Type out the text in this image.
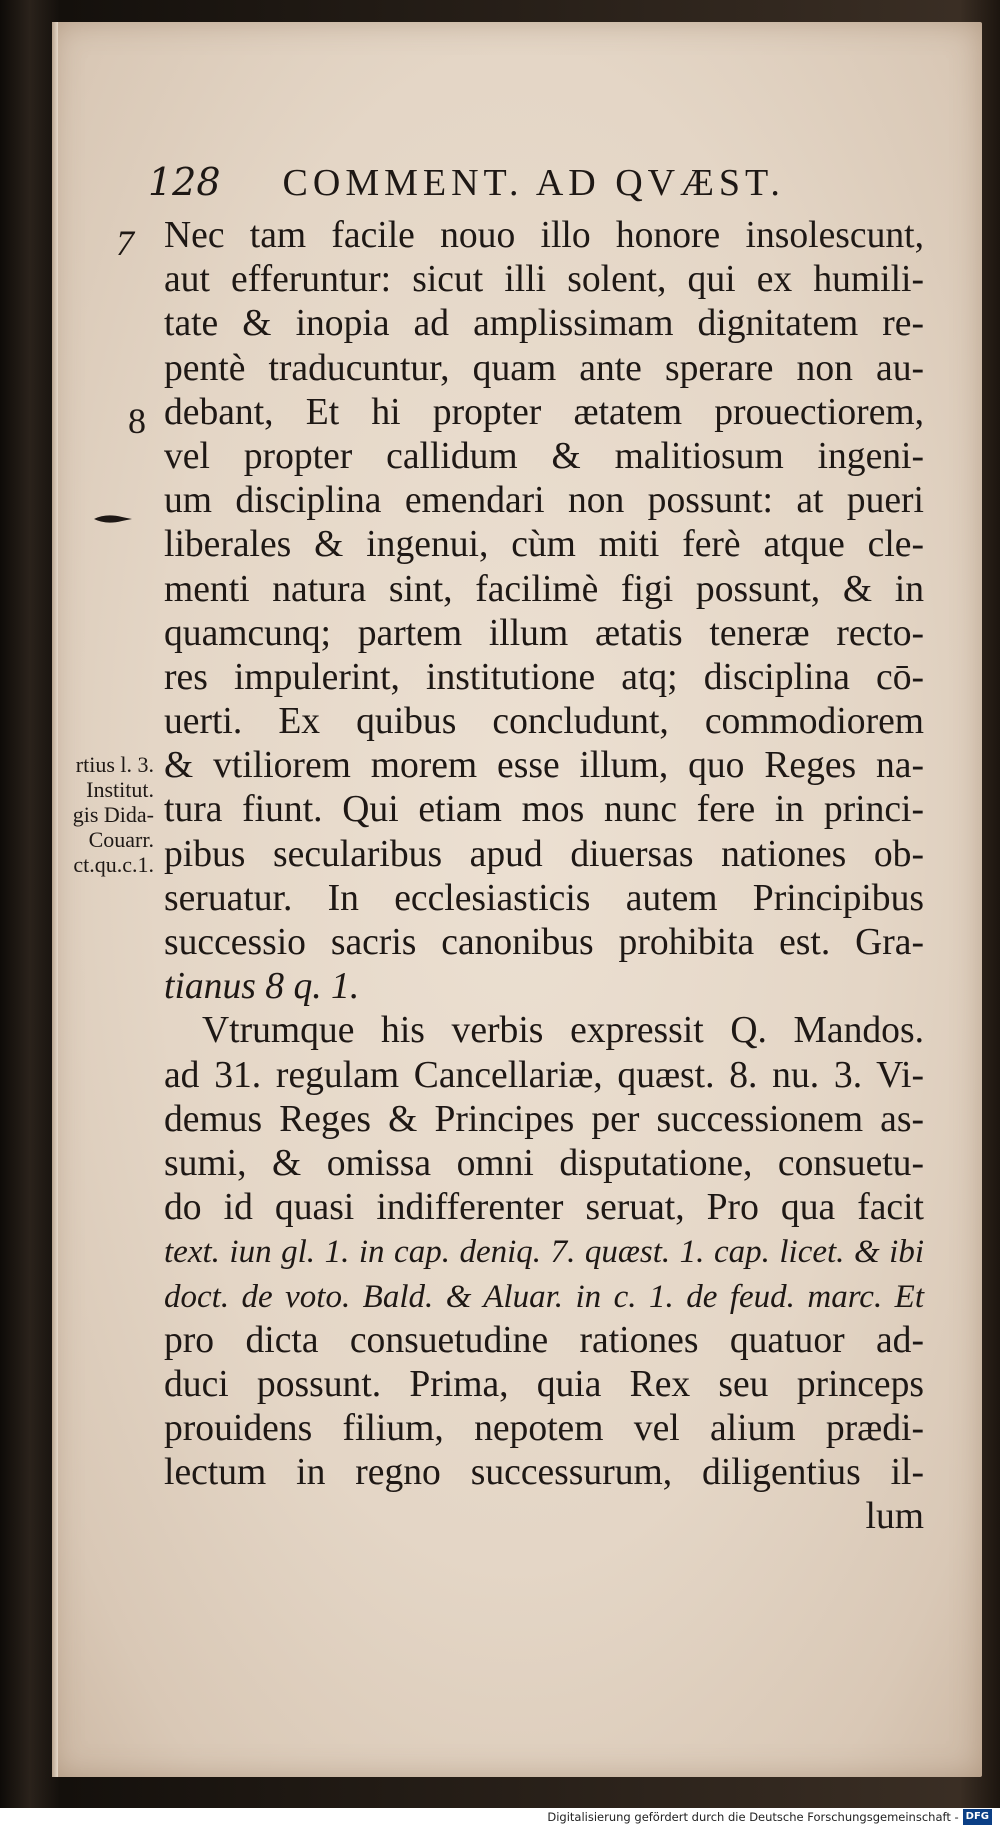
128 COMMENT. AD QVÆST.
7
8
rtius l. 3.
Institut.
gis Dida-
Couarr.
ct.qu.c.1.
Nec tam facile nouo illo honore insolescunt,
aut efferuntur: sicut illi solent, qui ex humili-
tate & inopia ad amplissimam dignitatem re-
pentè traducuntur, quam ante sperare non au-
debant, Et hi propter ætatem prouectiorem,
vel propter callidum & malitiosum ingeni-
um disciplina emendari non possunt: at pueri
liberales & ingenui, cùm miti ferè atque cle-
menti natura sint, facilimè figi possunt, & in
quamcunq; partem illum ætatis teneræ recto-
res impulerint, institutione atq; disciplina cō-
uerti. Ex quibus concludunt, commodiorem
& vtiliorem morem esse illum, quo Reges na-
tura fiunt. Qui etiam mos nunc fere in princi-
pibus secularibus apud diuersas nationes ob-
seruatur. In ecclesiasticis autem Principibus
successio sacris canonibus prohibita est. Gra-
tianus 8 q. 1.
Vtrumque his verbis expressit Q. Mandos.
ad 31. regulam Cancellariæ, quæst. 8. nu. 3. Vi-
demus Reges & Principes per successionem as-
sumi, & omissa omni disputatione, consuetu-
do id quasi indifferenter seruat, Pro qua facit
text. iun gl. 1. in cap. deniq. 7. quæst. 1. cap. licet. & ibi
doct. de voto. Bald. & Aluar. in c. 1. de feud. marc. Et
pro dicta consuetudine rationes quatuor ad-
duci possunt. Prima, quia Rex seu princeps
prouidens filium, nepotem vel alium prædi-
lectum in regno successurum, diligentius il-
lum
Digitalisierung gefördert durch die Deutsche Forschungsgemeinschaft - DFG
